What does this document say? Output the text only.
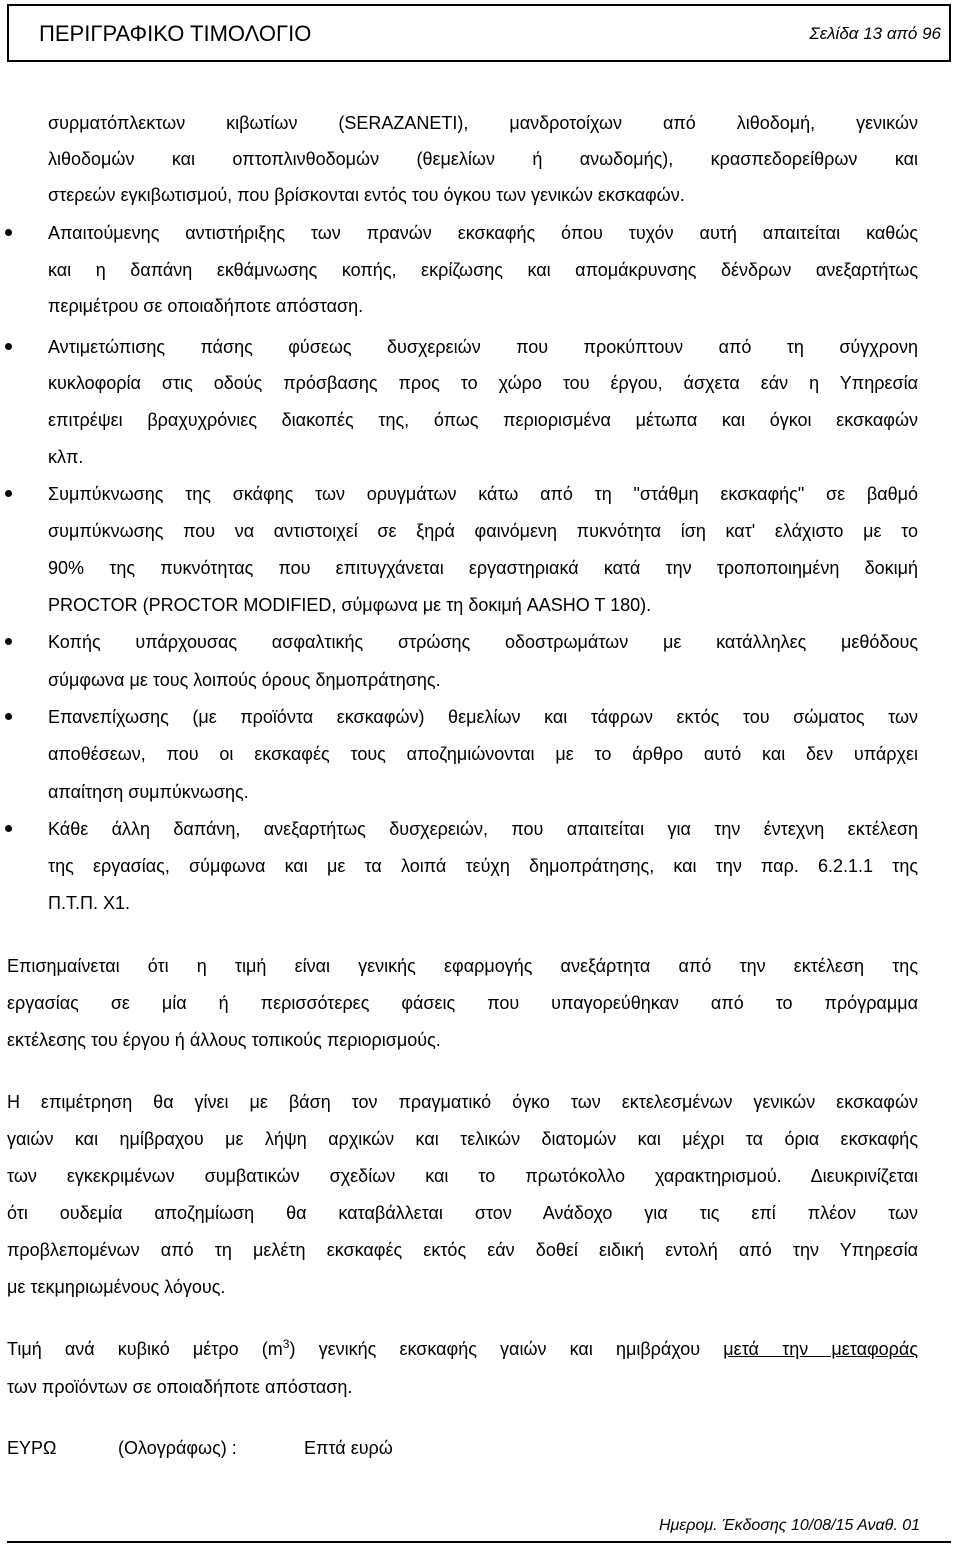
ΠΕΡΙΓΡΑΦΙΚΟ ΤΙΜΟΛΟΓΙΟ	Σελίδα 13 από 96
συρματόπλεκτων κιβωτίων (SERAZANETI), μανδροτοίχων από λιθοδομή, γενικών
λιθοδομών και οπτοπλινθοδομών (θεμελίων ή ανωδομής), κρασπεδορείθρων και
στερεών εγκιβωτισμού, που βρίσκονται εντός του όγκου των γενικών εκσκαφών.
Απαιτούμενης αντιστήριξης των πρανών εκσκαφής όπου τυχόν αυτή απαιτείται καθώς
και η δαπάνη εκθάμνωσης κοπής, εκρίζωσης και απομάκρυνσης δένδρων ανεξαρτήτως
περιμέτρου σε οποιαδήποτε απόσταση.
Αντιμετώπισης πάσης φύσεως δυσχερειών που προκύπτουν από τη σύγχρονη
κυκλοφορία στις οδούς πρόσβασης προς το χώρο του έργου, άσχετα εάν η Υπηρεσία
επιτρέψει βραχυχρόνιες διακοπές της, όπως περιορισμένα μέτωπα και όγκοι εκσκαφών
κλπ.
Συμπύκνωσης της σκάφης των ορυγμάτων κάτω από τη "στάθμη εκσκαφής" σε βαθμό
συμπύκνωσης που να αντιστοιχεί σε ξηρά φαινόμενη πυκνότητα ίση κατ' ελάχιστο με το
90% της πυκνότητας που επιτυγχάνεται εργαστηριακά κατά την τροποποιημένη δοκιμή
PROCTOR (PROCTOR MODIFIED, σύμφωνα με τη δοκιμή AASHO T 180).
Κοπής υπάρχουσας ασφαλτικής στρώσης οδοστρωμάτων με κατάλληλες μεθόδους
σύμφωνα με τους λοιπούς όρους δημοπράτησης.
Επανεπίχωσης (με προϊόντα εκσκαφών) θεμελίων και τάφρων εκτός του σώματος των
αποθέσεων, που οι εκσκαφές τους αποζημιώνονται με το άρθρο αυτό και δεν υπάρχει
απαίτηση συμπύκνωσης.
Κάθε άλλη δαπάνη, ανεξαρτήτως δυσχερειών, που απαιτείται για την έντεχνη εκτέλεση
της εργασίας, σύμφωνα και με τα λοιπά τεύχη δημοπράτησης, και την παρ. 6.2.1.1 της
Π.Τ.Π. Χ1.
Επισημαίνεται ότι η τιμή είναι γενικής εφαρμογής ανεξάρτητα από την εκτέλεση της
εργασίας σε μία ή περισσότερες φάσεις που υπαγορεύθηκαν από το πρόγραμμα
εκτέλεσης του έργου ή άλλους τοπικούς περιορισμούς.
Η επιμέτρηση θα γίνει με βάση τον πραγματικό όγκο των εκτελεσμένων γενικών εκσκαφών
γαιών και ημίβραχου με λήψη αρχικών και τελικών διατομών και μέχρι τα όρια εκσκαφής
των εγκεκριμένων συμβατικών σχεδίων και το πρωτόκολλο χαρακτηρισμού. Διευκρινίζεται
ότι ουδεμία αποζημίωση θα καταβάλλεται στον Ανάδοχο για τις επί πλέον των
προβλεπομένων από τη μελέτη εκσκαφές εκτός εάν δοθεί ειδική εντολή από την Υπηρεσία
με τεκμηριωμένους λόγους.
Τιμή ανά κυβικό μέτρο $(m^3)$ γενικής εκσκαφής γαιών και ημιβράχου μετά την μεταφοράς
των προϊόντων σε οποιαδήποτε απόσταση.
ΕΥΡΩ	(Ολογράφως) :	Επτά ευρώ
Ημερομ. Έκδοσης 10/08/15 Αναθ. 01
